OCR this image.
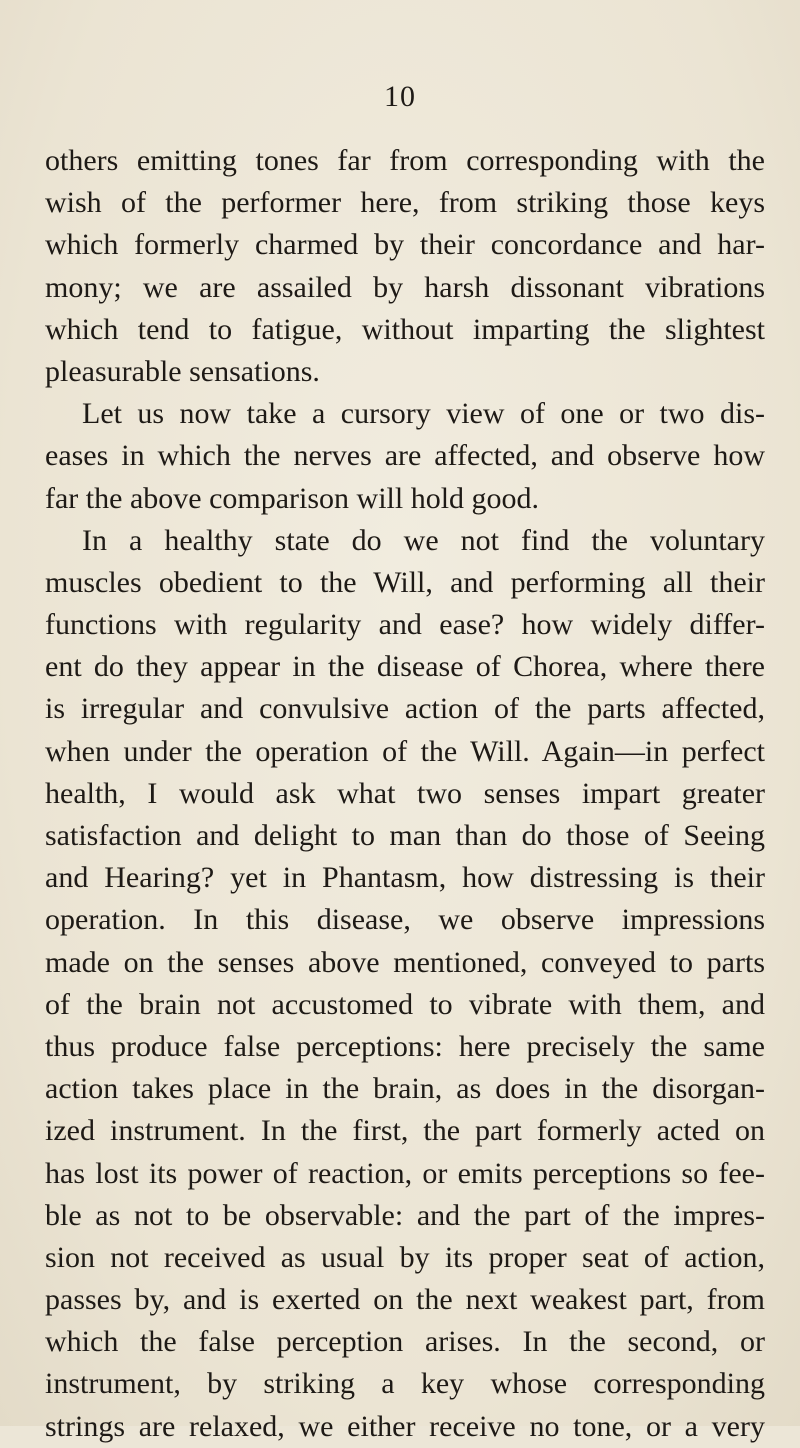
10
others emitting tones far from corresponding with the
wish of the performer here, from striking those keys
which formerly charmed by their concordance and har-
mony; we are assailed by harsh dissonant vibrations
which tend to fatigue, without imparting the slightest
pleasurable sensations.
Let us now take a cursory view of one or two dis-
eases in which the nerves are affected, and observe how
far the above comparison will hold good.
In a healthy state do we not find the voluntary
muscles obedient to the Will, and performing all their
functions with regularity and ease? how widely differ-
ent do they appear in the disease of Chorea, where there
is irregular and convulsive action of the parts affected,
when under the operation of the Will. Again—in perfect
health, I would ask what two senses impart greater
satisfaction and delight to man than do those of Seeing
and Hearing? yet in Phantasm, how distressing is their
operation. In this disease, we observe impressions
made on the senses above mentioned, conveyed to parts
of the brain not accustomed to vibrate with them, and
thus produce false perceptions: here precisely the same
action takes place in the brain, as does in the disorgan-
ized instrument. In the first, the part formerly acted on
has lost its power of reaction, or emits perceptions so fee-
ble as not to be observable: and the part of the impres-
sion not received as usual by its proper seat of action,
passes by, and is exerted on the next weakest part, from
which the false perception arises. In the second, or
instrument, by striking a key whose corresponding
strings are relaxed, we either receive no tone, or a very
